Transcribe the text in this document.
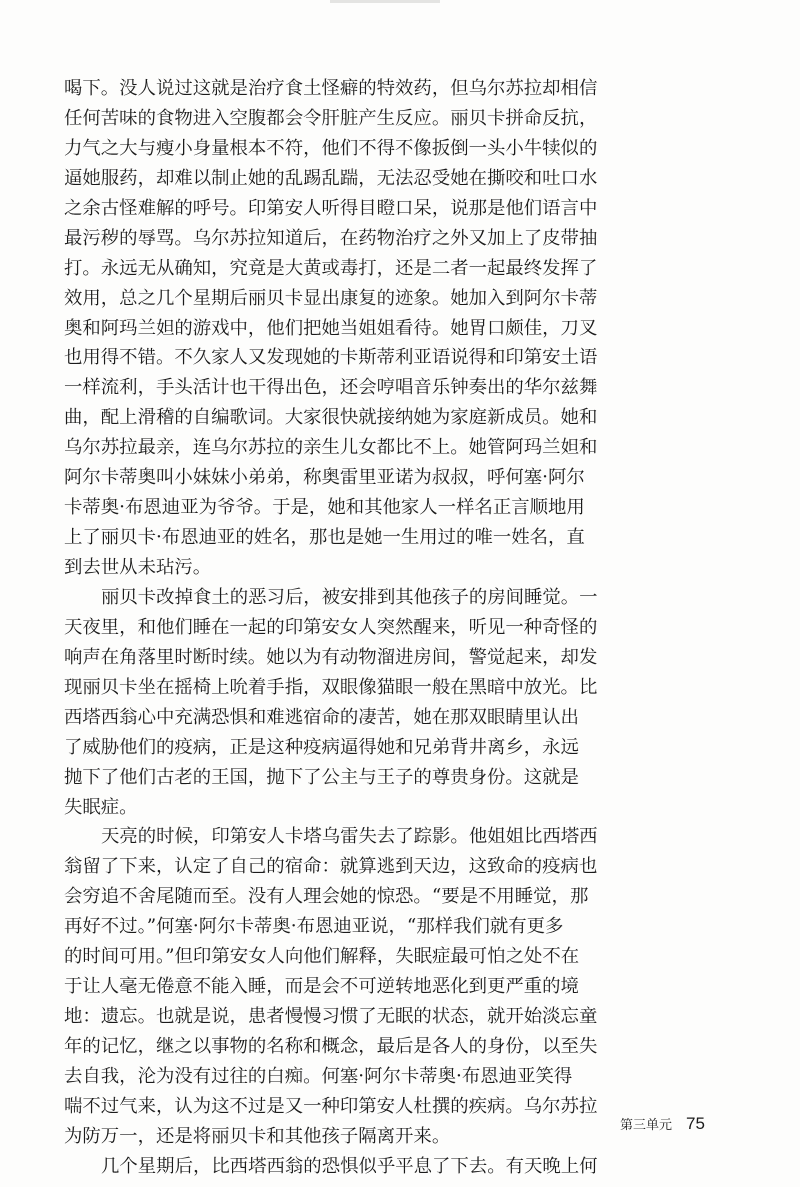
喝下。没人说过这就是治疗食土怪癖的特效药，但乌尔苏拉却相信
任何苦味的食物进入空腹都会令肝脏产生反应。丽贝卡拼命反抗，
力气之大与瘦小身量根本不符，他们不得不像扳倒一头小牛犊似的
逼她服药，却难以制止她的乱踢乱踹，无法忍受她在撕咬和吐口水
之余古怪难解的呼号。印第安人听得目瞪口呆，说那是他们语言中
最污秽的辱骂。乌尔苏拉知道后，在药物治疗之外又加上了皮带抽
打。永远无从确知，究竟是大黄或毒打，还是二者一起最终发挥了
效用，总之几个星期后丽贝卡显出康复的迹象。她加入到阿尔卡蒂
奥和阿玛兰妲的游戏中，他们把她当姐姐看待。她胃口颇佳，刀叉
也用得不错。不久家人又发现她的卡斯蒂利亚语说得和印第安土语
一样流利，手头活计也干得出色，还会哼唱音乐钟奏出的华尔兹舞
曲，配上滑稽的自编歌词。大家很快就接纳她为家庭新成员。她和
乌尔苏拉最亲，连乌尔苏拉的亲生儿女都比不上。她管阿玛兰妲和
阿尔卡蒂奥叫小妹妹小弟弟，称奥雷里亚诺为叔叔，呼何塞·阿尔
卡蒂奥·布恩迪亚为爷爷。于是，她和其他家人一样名正言顺地用
上了丽贝卡·布恩迪亚的姓名，那也是她一生用过的唯一姓名，直
到去世从未玷污。
丽贝卡改掉食土的恶习后，被安排到其他孩子的房间睡觉。一
天夜里，和他们睡在一起的印第安女人突然醒来，听见一种奇怪的
响声在角落里时断时续。她以为有动物溜进房间，警觉起来，却发
现丽贝卡坐在摇椅上吮着手指，双眼像猫眼一般在黑暗中放光。比
西塔西翁心中充满恐惧和难逃宿命的凄苦，她在那双眼睛里认出
了威胁他们的疫病，正是这种疫病逼得她和兄弟背井离乡，永远
抛下了他们古老的王国，抛下了公主与王子的尊贵身份。这就是
失眠症。
天亮的时候，印第安人卡塔乌雷失去了踪影。他姐姐比西塔西
翁留了下来，认定了自己的宿命：就算逃到天边，这致命的疫病也
会穷追不舍尾随而至。没有人理会她的惊恐。“要是不用睡觉，那
再好不过。”何塞·阿尔卡蒂奥·布恩迪亚说，“那样我们就有更多
的时间可用。”但印第安女人向他们解释，失眠症最可怕之处不在
于让人毫无倦意不能入睡，而是会不可逆转地恶化到更严重的境
地：遗忘。也就是说，患者慢慢习惯了无眠的状态，就开始淡忘童
年的记忆，继之以事物的名称和概念，最后是各人的身份，以至失
去自我，沦为没有过往的白痴。何塞·阿尔卡蒂奥·布恩迪亚笑得
喘不过气来，认为这不过是又一种印第安人杜撰的疾病。乌尔苏拉
为防万一，还是将丽贝卡和其他孩子隔离开来。
几个星期后，比西塔西翁的恐惧似乎平息了下去。有天晚上何
第三单元 75
